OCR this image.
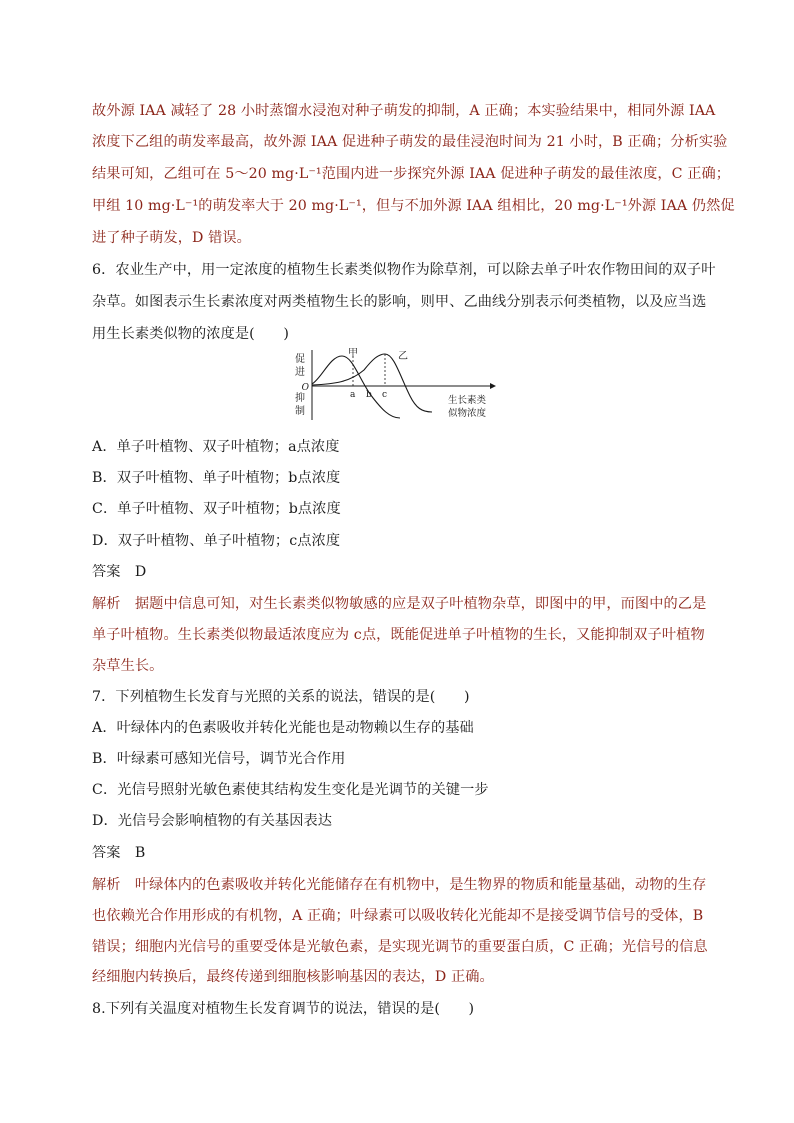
故外源 IAA 减轻了 28 小时蒸馏水浸泡对种子萌发的抑制，A 正确；本实验结果中，相同外源 IAA
浓度下乙组的萌发率最高，故外源 IAA 促进种子萌发的最佳浸泡时间为 21 小时，B 正确；分析实验
结果可知，乙组可在 5～20 mg·L⁻¹范围内进一步探究外源 IAA 促进种子萌发的最佳浓度，C 正确；
甲组 10 mg·L⁻¹的萌发率大于 20 mg·L⁻¹，但与不加外源 IAA 组相比，20 mg·L⁻¹外源 IAA 仍然促
进了种子萌发，D 错误。
6．农业生产中，用一定浓度的植物生长素类似物作为除草剂，可以除去单子叶农作物田间的双子叶
杂草。如图表示生长素浓度对两类植物生长的影响，则甲、乙曲线分别表示何类植物，以及应当选
用生长素类似物的浓度是(　　)
促
进
O
抑
制
甲	乙
a b c	生长素类
似物浓度
A．单子叶植物、双子叶植物；a点浓度
B．双子叶植物、单子叶植物；b点浓度
C．单子叶植物、双子叶植物；b点浓度
D．双子叶植物、单子叶植物；c点浓度
答案　D
解析　据题中信息可知，对生长素类似物敏感的应是双子叶植物杂草，即图中的甲，而图中的乙是
单子叶植物。生长素类似物最适浓度应为 c点，既能促进单子叶植物的生长，又能抑制双子叶植物
杂草生长。
7．下列植物生长发育与光照的关系的说法，错误的是(　　)
A．叶绿体内的色素吸收并转化光能也是动物赖以生存的基础
B．叶绿素可感知光信号，调节光合作用
C．光信号照射光敏色素使其结构发生变化是光调节的关键一步
D．光信号会影响植物的有关基因表达
答案　B
解析　叶绿体内的色素吸收并转化光能储存在有机物中，是生物界的物质和能量基础，动物的生存
也依赖光合作用形成的有机物，A 正确；叶绿素可以吸收转化光能却不是接受调节信号的受体，B
错误；细胞内光信号的重要受体是光敏色素，是实现光调节的重要蛋白质，C 正确；光信号的信息
经细胞内转换后，最终传递到细胞核影响基因的表达，D 正确。
8.下列有关温度对植物生长发育调节的说法，错误的是(　　)
